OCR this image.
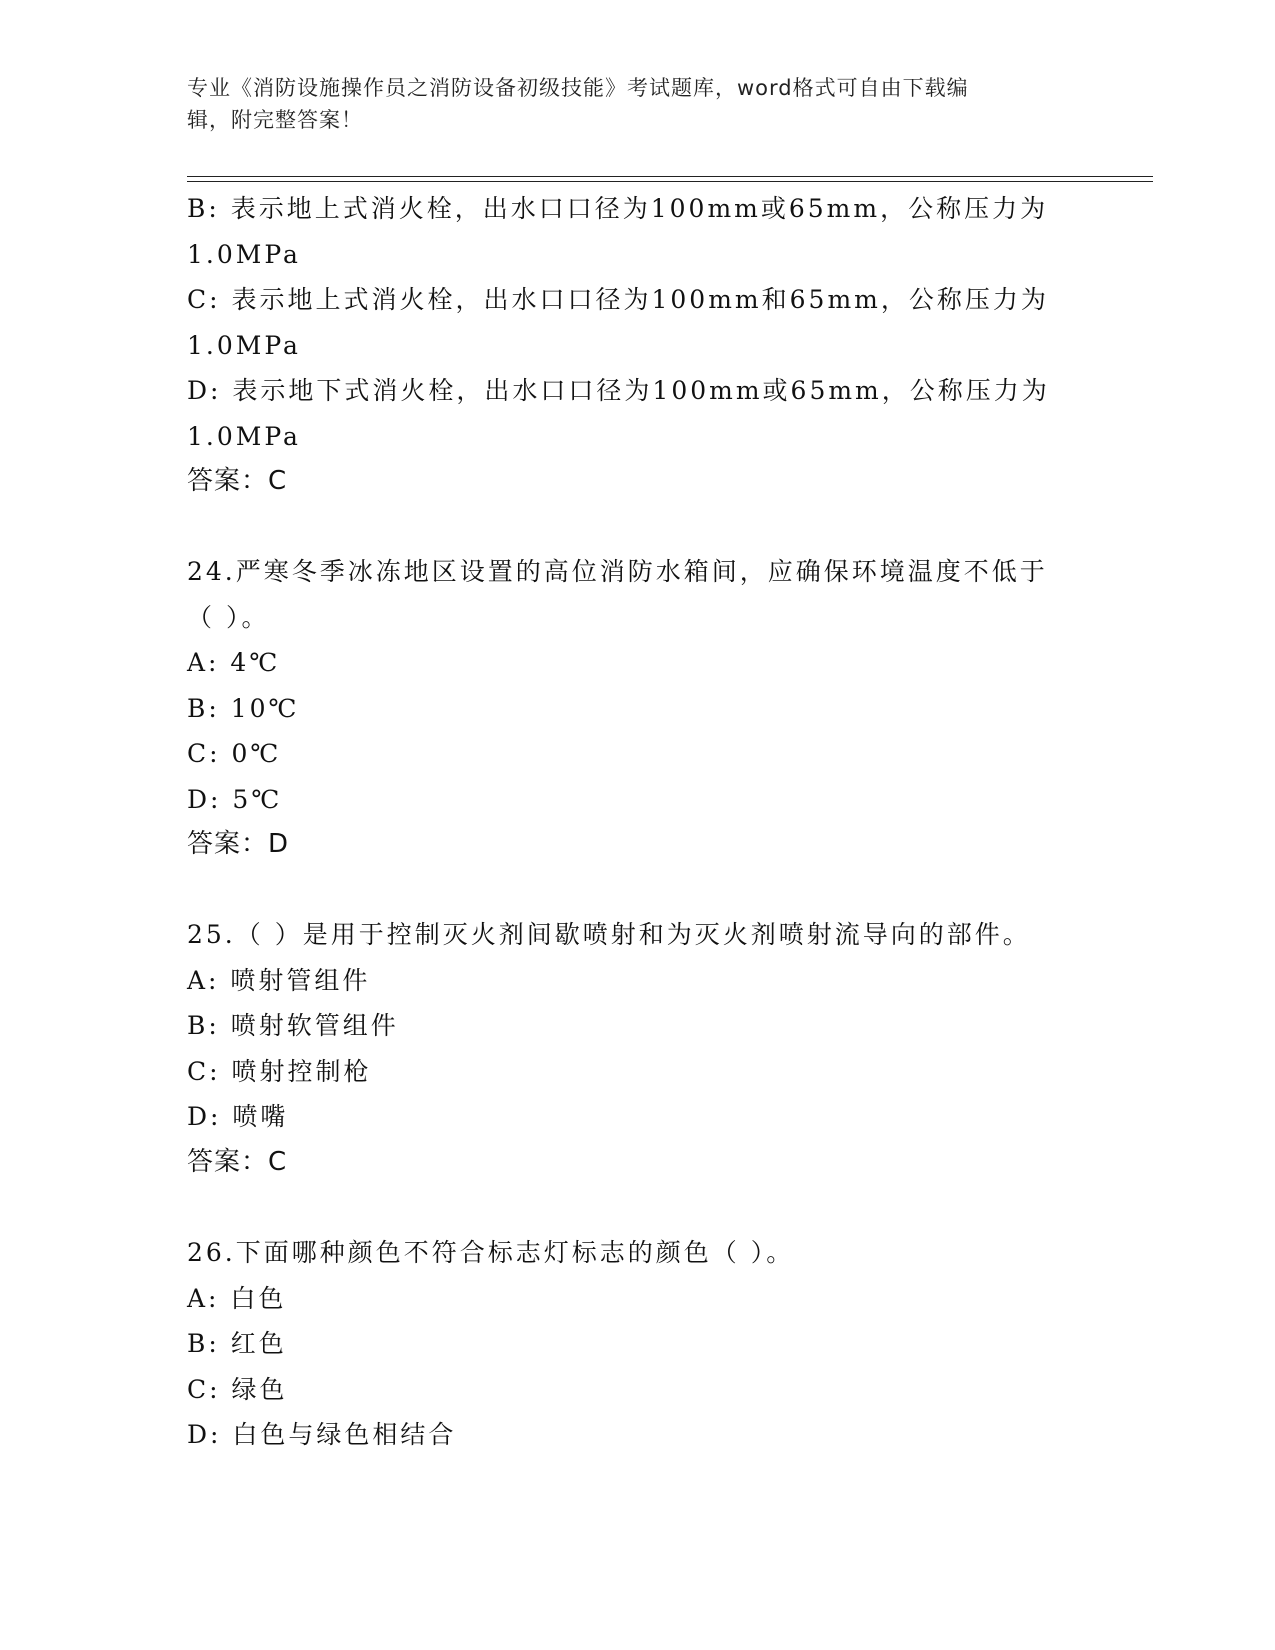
专业《消防设施操作员之消防设备初级技能》考试题库，word格式可自由下载编
辑，附完整答案！
B: 表示地上式消火栓，出水口口径为100mm或65mm，公称压力为
1.0MPa
C: 表示地上式消火栓，出水口口径为100mm和65mm，公称压力为
1.0MPa
D: 表示地下式消火栓，出水口口径为100mm或65mm，公称压力为
1.0MPa
答案：C
24.严寒冬季冰冻地区设置的高位消防水箱间，应确保环境温度不低于
（ ）。
A: 4℃
B: 10℃
C: 0℃
D: 5℃
答案：D
25.（ ）是用于控制灭火剂间歇喷射和为灭火剂喷射流导向的部件。
A: 喷射管组件
B: 喷射软管组件
C: 喷射控制枪
D: 喷嘴
答案：C
26.下面哪种颜色不符合标志灯标志的颜色（ ）。
A: 白色
B: 红色
C: 绿色
D: 白色与绿色相结合
